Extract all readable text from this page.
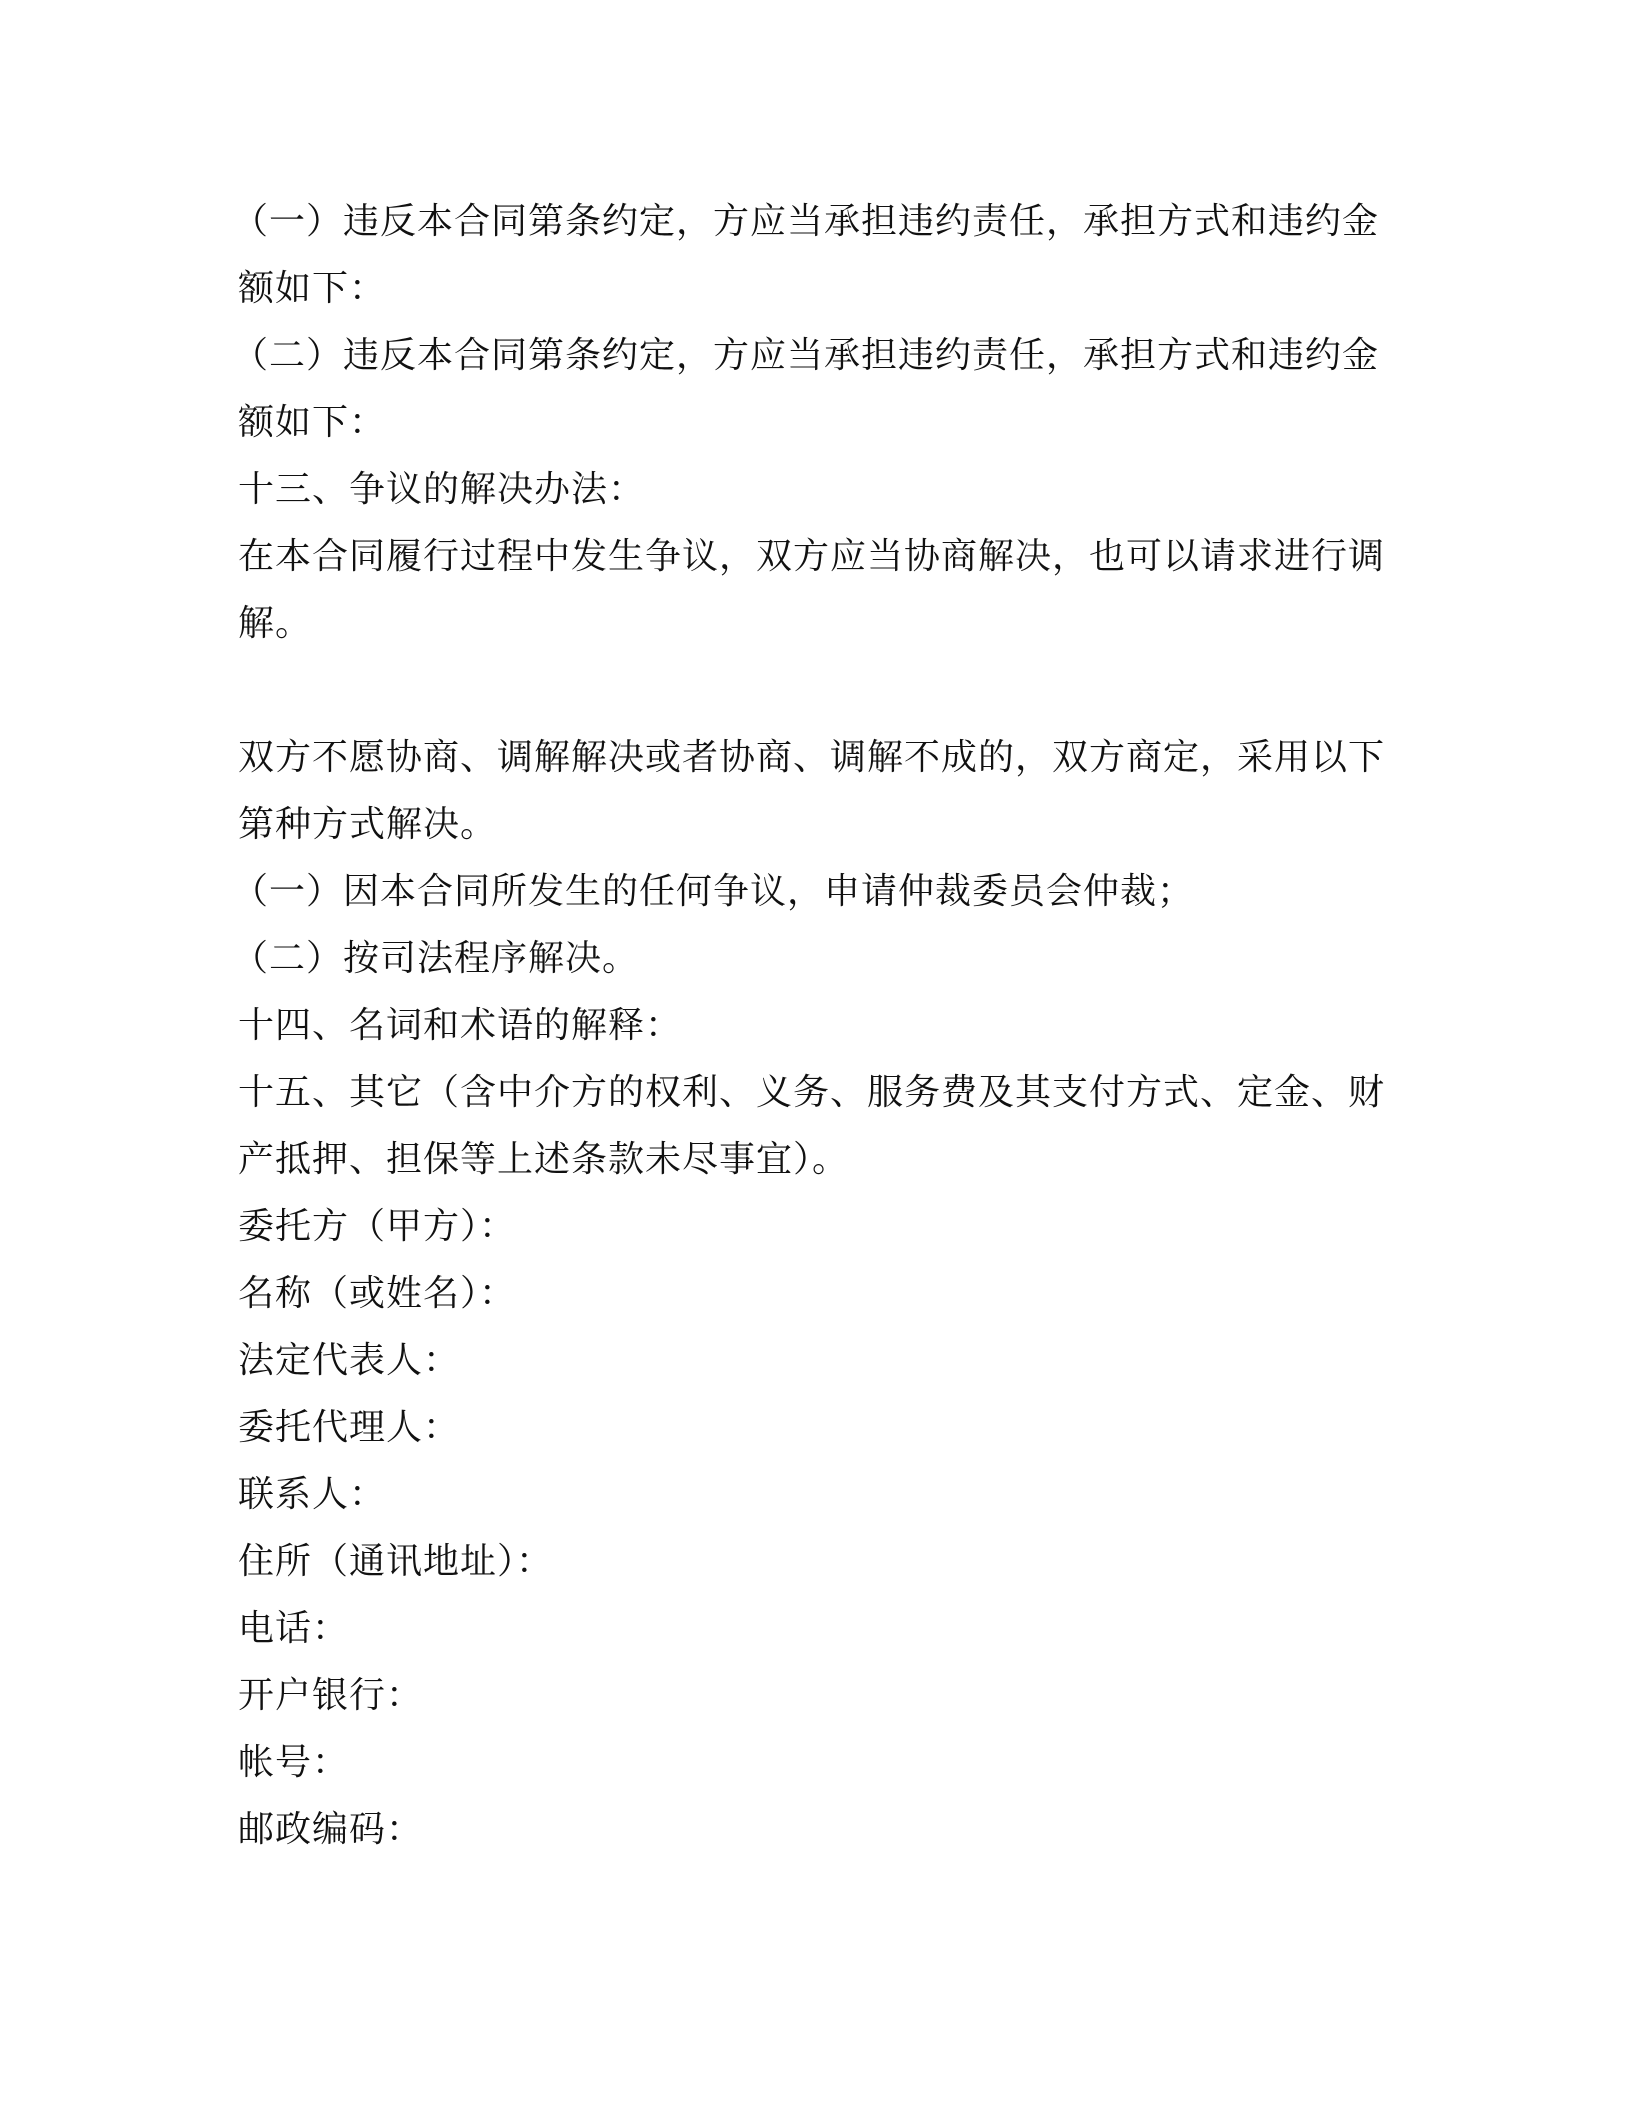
（一）违反本合同第条约定，方应当承担违约责任，承担方式和违约金
额如下：
（二）违反本合同第条约定，方应当承担违约责任，承担方式和违约金
额如下：
十三、争议的解决办法：
在本合同履行过程中发生争议，双方应当协商解决，也可以请求进行调
解。
双方不愿协商、调解解决或者协商、调解不成的，双方商定，采用以下
第种方式解决。
（一）因本合同所发生的任何争议，申请仲裁委员会仲裁；
（二）按司法程序解决。
十四、名词和术语的解释：
十五、其它（含中介方的权利、义务、服务费及其支付方式、定金、财
产抵押、担保等上述条款未尽事宜）。
委托方（甲方）：
名称（或姓名）：
法定代表人：
委托代理人：
联系人：
住所（通讯地址）：
电话：
开户银行：
帐号：
邮政编码：
